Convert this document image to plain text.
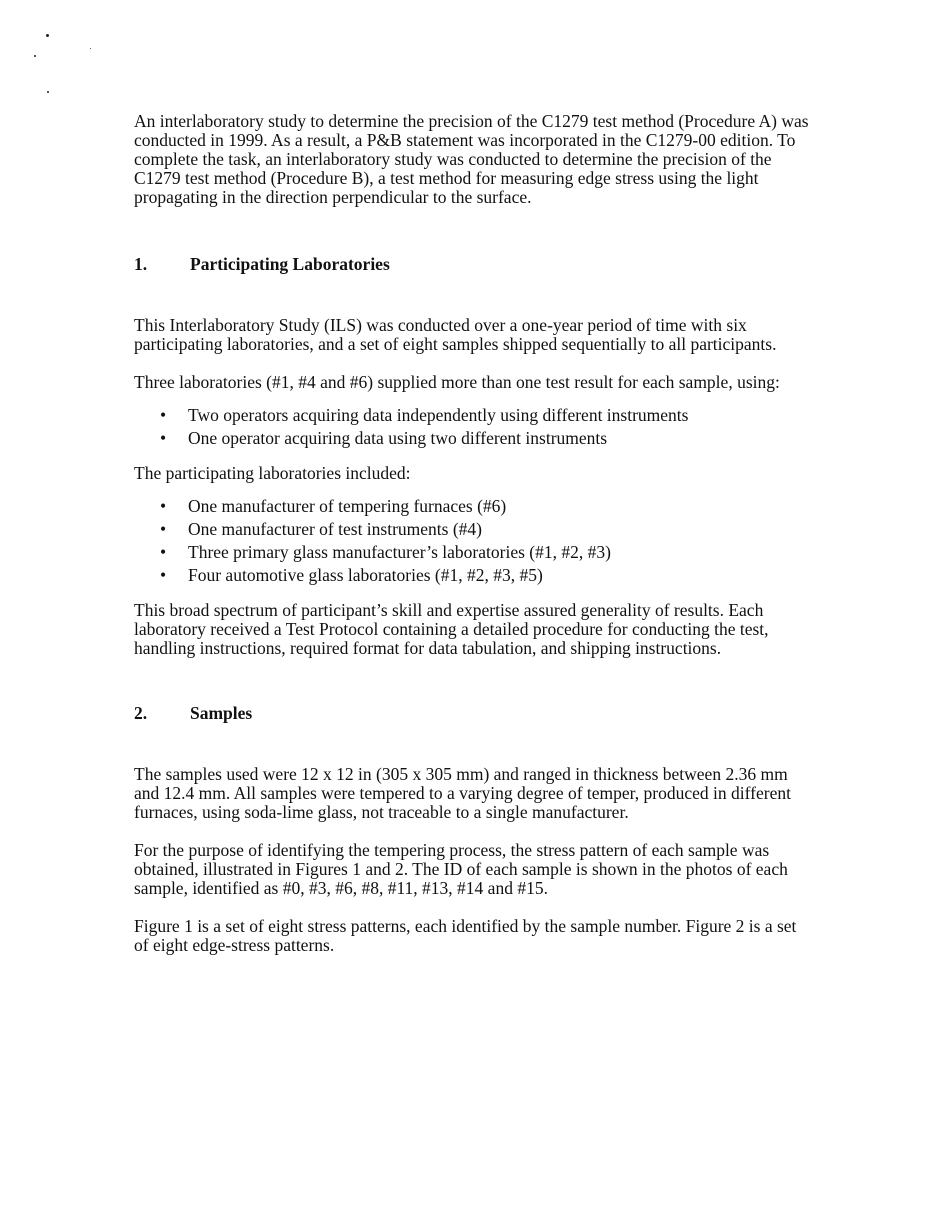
An interlaboratory study to determine the precision of the C1279 test method (Procedure A) was conducted in 1999. As a result, a P&B statement was incorporated in the C1279-00 edition. To complete the task, an interlaboratory study was conducted to determine the precision of the C1279 test method (Procedure B), a test method for measuring edge stress using the light propagating in the direction perpendicular to the surface.

1.	Participating Laboratories

This Interlaboratory Study (ILS) was conducted over a one-year period of time with six participating laboratories, and a set of eight samples shipped sequentially to all participants.

Three laboratories (#1, #4 and #6) supplied more than one test result for each sample, using:

• Two operators acquiring data independently using different instruments
• One operator acquiring data using two different instruments

The participating laboratories included:

• One manufacturer of tempering furnaces (#6)
• One manufacturer of test instruments (#4)
• Three primary glass manufacturer’s laboratories (#1, #2, #3)
• Four automotive glass laboratories (#1, #2, #3, #5)

This broad spectrum of participant’s skill and expertise assured generality of results. Each laboratory received a Test Protocol containing a detailed procedure for conducting the test, handling instructions, required format for data tabulation, and shipping instructions.

2.	Samples

The samples used were 12 x 12 in (305 x 305 mm) and ranged in thickness between 2.36 mm and 12.4 mm. All samples were tempered to a varying degree of temper, produced in different furnaces, using soda-lime glass, not traceable to a single manufacturer.

For the purpose of identifying the tempering process, the stress pattern of each sample was obtained, illustrated in Figures 1 and 2. The ID of each sample is shown in the photos of each sample, identified as #0, #3, #6, #8, #11, #13, #14 and #15.

Figure 1 is a set of eight stress patterns, each identified by the sample number. Figure 2 is a set of eight edge-stress patterns.
